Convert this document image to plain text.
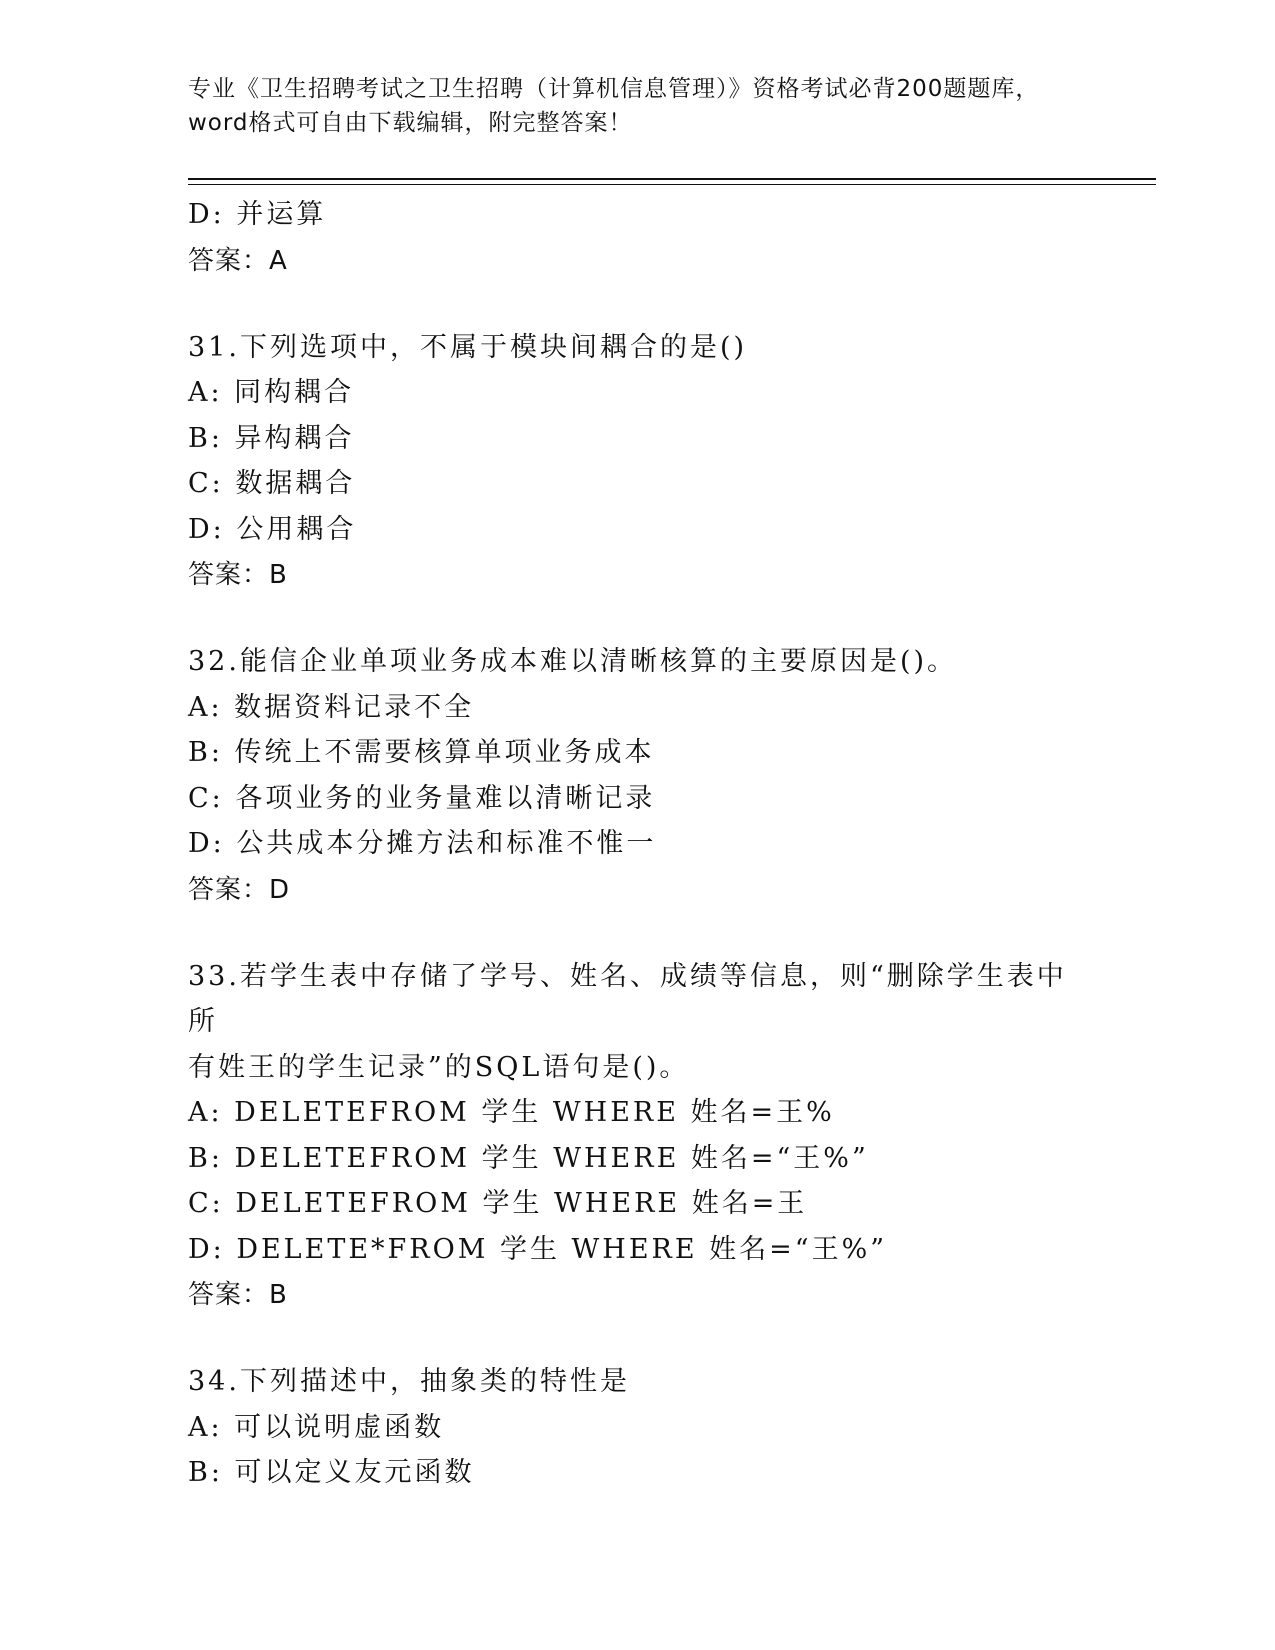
专业《卫生招聘考试之卫生招聘（计算机信息管理）》资格考试必背200题题库，
word格式可自由下载编辑，附完整答案！
D: 并运算
答案：A
31.下列选项中，不属于模块间耦合的是()
A: 同构耦合
B: 异构耦合
C: 数据耦合
D: 公用耦合
答案：B
32.能信企业单项业务成本难以清晰核算的主要原因是()。
A: 数据资料记录不全
B: 传统上不需要核算单项业务成本
C: 各项业务的业务量难以清晰记录
D: 公共成本分摊方法和标准不惟一
答案：D
33.若学生表中存储了学号、姓名、成绩等信息，则“删除学生表中所
有姓王的学生记录”的SQL语句是()。
A: DELETEFROM 学生 WHERE 姓名=王%
B: DELETEFROM 学生 WHERE 姓名=“王%”
C: DELETEFROM 学生 WHERE 姓名=王
D: DELETE*FROM 学生 WHERE 姓名=“王%”
答案：B
34.下列描述中，抽象类的特性是
A: 可以说明虚函数
B: 可以定义友元函数
